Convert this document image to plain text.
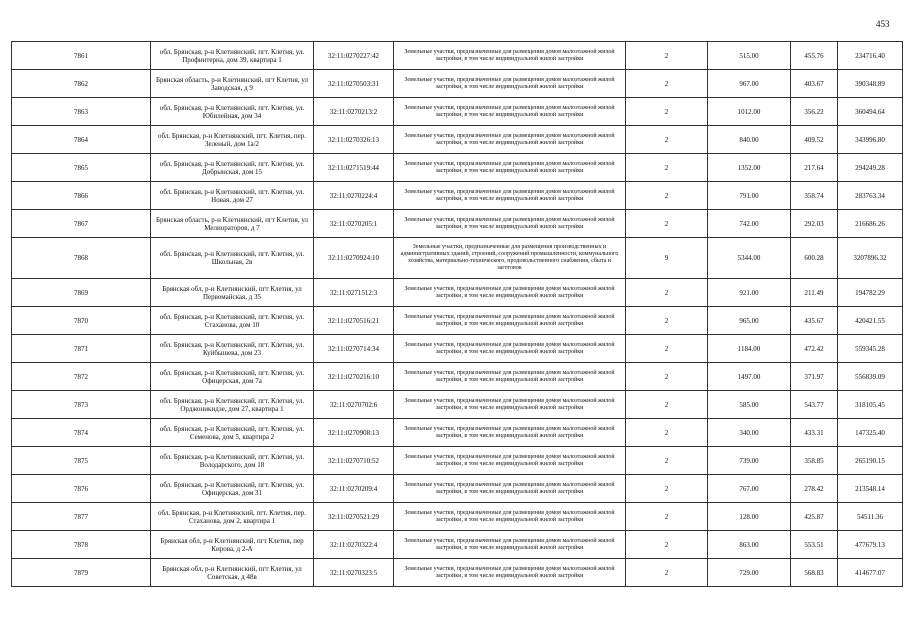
453
7861	обл. Брянская, р-н Клетнянский, пгт. Клетня, ул. Профинтерна, дом 39, квартира 1	32:11:0270227:42	Земельные участки, предназначенные для размещения домов малоэтажной жилой застройки, в том числе индивидуальной жилой застройки	2	515.00	455.76	234716.40
7862	Брянская область, р-н Клетнянский, пгт Клетня, ул Заводская, д 9	32:11:0270503:31	Земельные участки, предназначенные для размещения домов малоэтажной жилой застройки, в том числе индивидуальной жилой застройки	2	967.00	403.67	390348.89
7863	обл. Брянская, р-н Клетнянский, пгт. Клетня, ул. Юбилейная, дом 34	32:11:0270213:2	Земельные участки, предназначенные для размещения домов малоэтажной жилой застройки, в том числе индивидуальной жилой застройки	2	1012.00	356.22	360494.64
7864	обл. Брянская, р-н Клетнянский, пгт. Клетня, пер. Зеленый, дом 1а/2	32:11:0270326:13	Земельные участки, предназначенные для размещения домов малоэтажной жилой застройки, в том числе индивидуальной жилой застройки	2	840.00	409.52	343996.80
7865	обл. Брянская, р-н Клетнянский, пгт. Клетня, ул. Добрынская, дом 15	32:11:0271519:44	Земельные участки, предназначенные для размещения домов малоэтажной жилой застройки, в том числе индивидуальной жилой застройки	2	1352.00	217.64	294249.28
7866	обл. Брянская, р-н Клетнянский, пгт. Клетня, ул. Новая, дом 27	32:11:0270224:4	Земельные участки, предназначенные для размещения домов малоэтажной жилой застройки, в том числе индивидуальной жилой застройки	2	791.00	358.74	283763.34
7867	Брянская область, р-н Клетнянский, пгт Клетня, ул Мелиораторов, д 7	32:11:0270205:1	Земельные участки, предназначенные для размещения домов малоэтажной жилой застройки, в том числе индивидуальной жилой застройки	2	742.00	292.03	216686.26
7868	обл. Брянская, р-н Клетнянский, пгт. Клетня, ул. Школьная, 2в	32:11:0270924:10	Земельные участки, предназначенные для размещения производственных и административных зданий, строений, сооружений промышленности, коммунального хозяйства, материально-технического, продовольственного снабжения, сбыта и заготовок	9	5344.00	600.28	3207896.32
7869	Брянская обл, р-н Клетнянский, пгт Клетня, ул Первомайская, д 35	32:11:0271512:3	Земельные участки, предназначенные для размещения домов малоэтажной жилой застройки, в том числе индивидуальной жилой застройки	2	921.00	211.49	194782.29
7870	обл. Брянская, р-н Клетнянский, пгт. Клетня, ул. Стаханова, дом 10	32:11:0270516:21	Земельные участки, предназначенные для размещения домов малоэтажной жилой застройки, в том числе индивидуальной жилой застройки	2	965.00	435.67	420421.55
7871	обл. Брянская, р-н Клетнянский, пгт. Клетня, ул. Куйбышева, дом 23	32:11:0270714:34	Земельные участки, предназначенные для размещения домов малоэтажной жилой застройки, в том числе индивидуальной жилой застройки	2	1184.00	472.42	559345.28
7872	обл. Брянская, р-н Клетнянский, пгт. Клетня, ул. Офицерская, дом 7а	32:11:0270216:10	Земельные участки, предназначенные для размещения домов малоэтажной жилой застройки, в том числе индивидуальной жилой застройки	2	1497.00	371.97	556839.09
7873	обл. Брянская, р-н Клетнянский, пгт. Клетня, ул. Орджоникидзе, дом 27, квартира 1	32:11:0270702:6	Земельные участки, предназначенные для размещения домов малоэтажной жилой застройки, в том числе индивидуальной жилой застройки	2	585.00	543.77	318105.45
7874	обл. Брянская, р-н Клетнянский, пгт. Клетня, ул. Семенова, дом 5, квартира 2	32:11:0270908:13	Земельные участки, предназначенные для размещения домов малоэтажной жилой застройки, в том числе индивидуальной жилой застройки	2	340.00	433.31	147325.40
7875	обл. Брянская, р-н Клетнянский, пгт. Клетня, ул. Володарского, дом 18	32:11:0270710:52	Земельные участки, предназначенные для размещения домов малоэтажной жилой застройки, в том числе индивидуальной жилой застройки	2	739.00	358.85	265190.15
7876	обл. Брянская, р-н Клетнянский, пгт. Клетня, ул. Офицерская, дом 31	32:11:0270209:4	Земельные участки, предназначенные для размещения домов малоэтажной жилой застройки, в том числе индивидуальной жилой застройки	2	767.00	278.42	213548.14
7877	обл. Брянская, р-н Клетнянский, пгт. Клетня, пер. Стаханова, дом 2, квартира 1	32:11:0270521:29	Земельные участки, предназначенные для размещения домов малоэтажной жилой застройки, в том числе индивидуальной жилой застройки	2	128.00	425.87	54511.36
7878	Брянская обл, р-н Клетнянский, пгт Клетня, пер Кирова, д 2-А	32:11:0270322:4	Земельные участки, предназначенные для размещения домов малоэтажной жилой застройки, в том числе индивидуальной жилой застройки	2	863.00	553.51	477679.13
7879	Брянская обл, р-н Клетнянский, пгт Клетня, ул Советская, д 48в	32:11:0270323:5	Земельные участки, предназначенные для размещения домов малоэтажной жилой застройки, в том числе индивидуальной жилой застройки	2	729.00	568.83	414677.07
